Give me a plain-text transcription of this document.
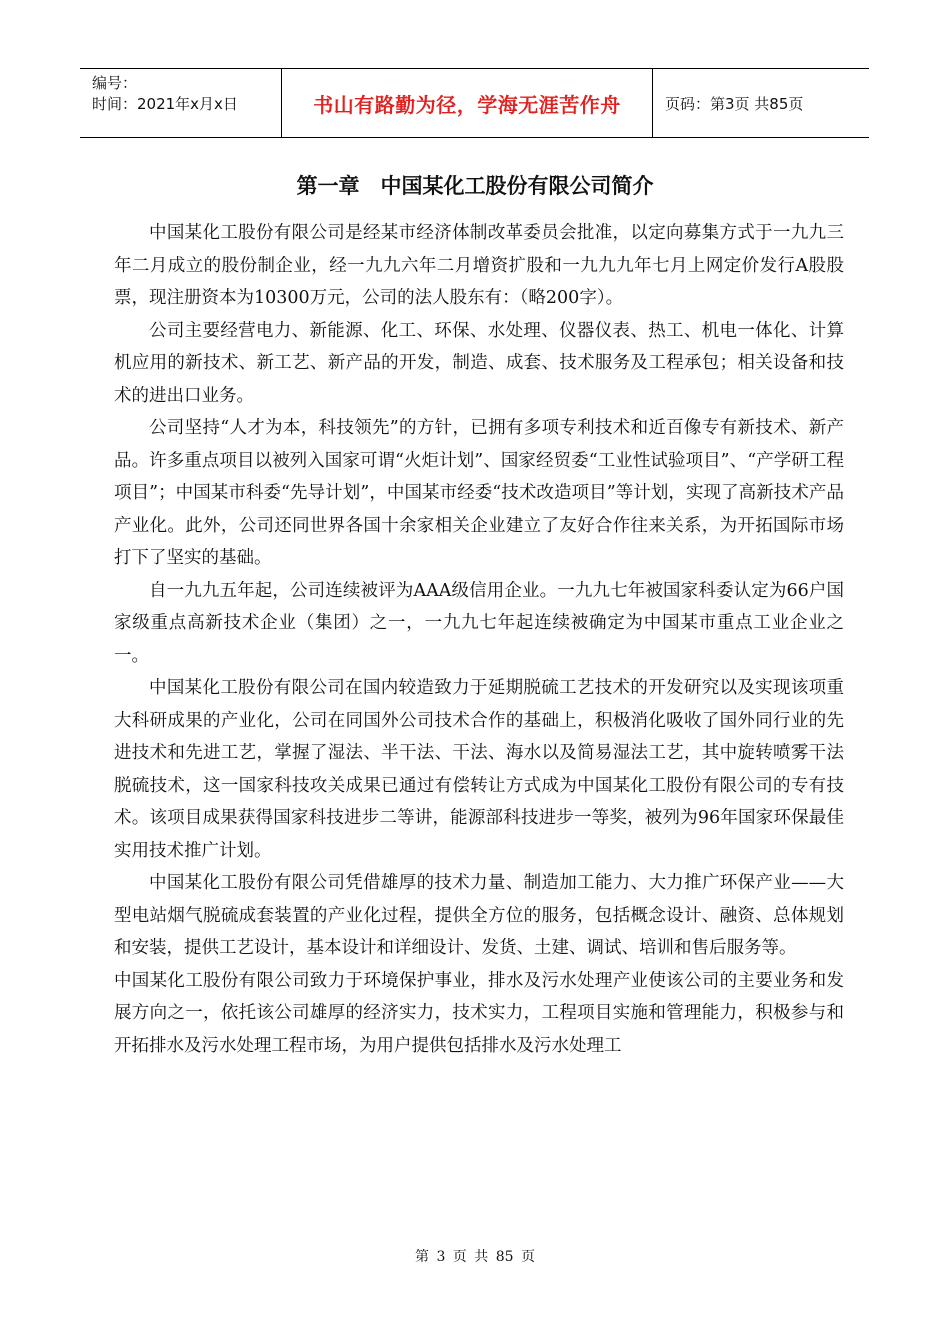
编号：
时间：2021年x月x日	书山有路勤为径，学海无涯苦作舟	页码：第3页 共85页
第一章　中国某化工股份有限公司简介

中国某化工股份有限公司是经某市经济体制改革委员会批准，以定向募集方式于一九九三年二月成立的股份制企业，经一九九六年二月增资扩股和一九九九年七月上网定价发行A股股票，现注册资本为10300万元，公司的法人股东有：（略200字）。

公司主要经营电力、新能源、化工、环保、水处理、仪器仪表、热工、机电一体化、计算机应用的新技术、新工艺、新产品的开发，制造、成套、技术服务及工程承包；相关设备和技术的进出口业务。

公司坚持“人才为本，科技领先”的方针，已拥有多项专利技术和近百像专有新技术、新产品。许多重点项目以被列入国家可谓“火炬计划”、国家经贸委“工业性试验项目”、“产学研工程项目”；中国某市科委“先导计划”，中国某市经委“技术改造项目”等计划，实现了高新技术产品产业化。此外，公司还同世界各国十余家相关企业建立了友好合作往来关系，为开拓国际市场打下了坚实的基础。

自一九九五年起，公司连续被评为AAA级信用企业。一九九七年被国家科委认定为66户国家级重点高新技术企业（集团）之一，一九九七年起连续被确定为中国某市重点工业企业之一。

中国某化工股份有限公司在国内较造致力于延期脱硫工艺技术的开发研究以及实现该项重大科研成果的产业化，公司在同国外公司技术合作的基础上，积极消化吸收了国外同行业的先进技术和先进工艺，掌握了湿法、半干法、干法、海水以及简易湿法工艺，其中旋转喷雾干法脱硫技术，这一国家科技攻关成果已通过有偿转让方式成为中国某化工股份有限公司的专有技术。该项目成果获得国家科技进步二等讲，能源部科技进步一等奖，被列为96年国家环保最佳实用技术推广计划。

中国某化工股份有限公司凭借雄厚的技术力量、制造加工能力、大力推广环保产业——大型电站烟气脱硫成套装置的产业化过程，提供全方位的服务，包括概念设计、融资、总体规划和安装，提供工艺设计，基本设计和详细设计、发货、土建、调试、培训和售后服务等。

中国某化工股份有限公司致力于环境保护事业，排水及污水处理产业使该公司的主要业务和发展方向之一，依托该公司雄厚的经济实力，技术实力，工程项目实施和管理能力，积极参与和开拓排水及污水处理工程市场，为用户提供包括排水及污水处理工

第 3 页 共 85 页
